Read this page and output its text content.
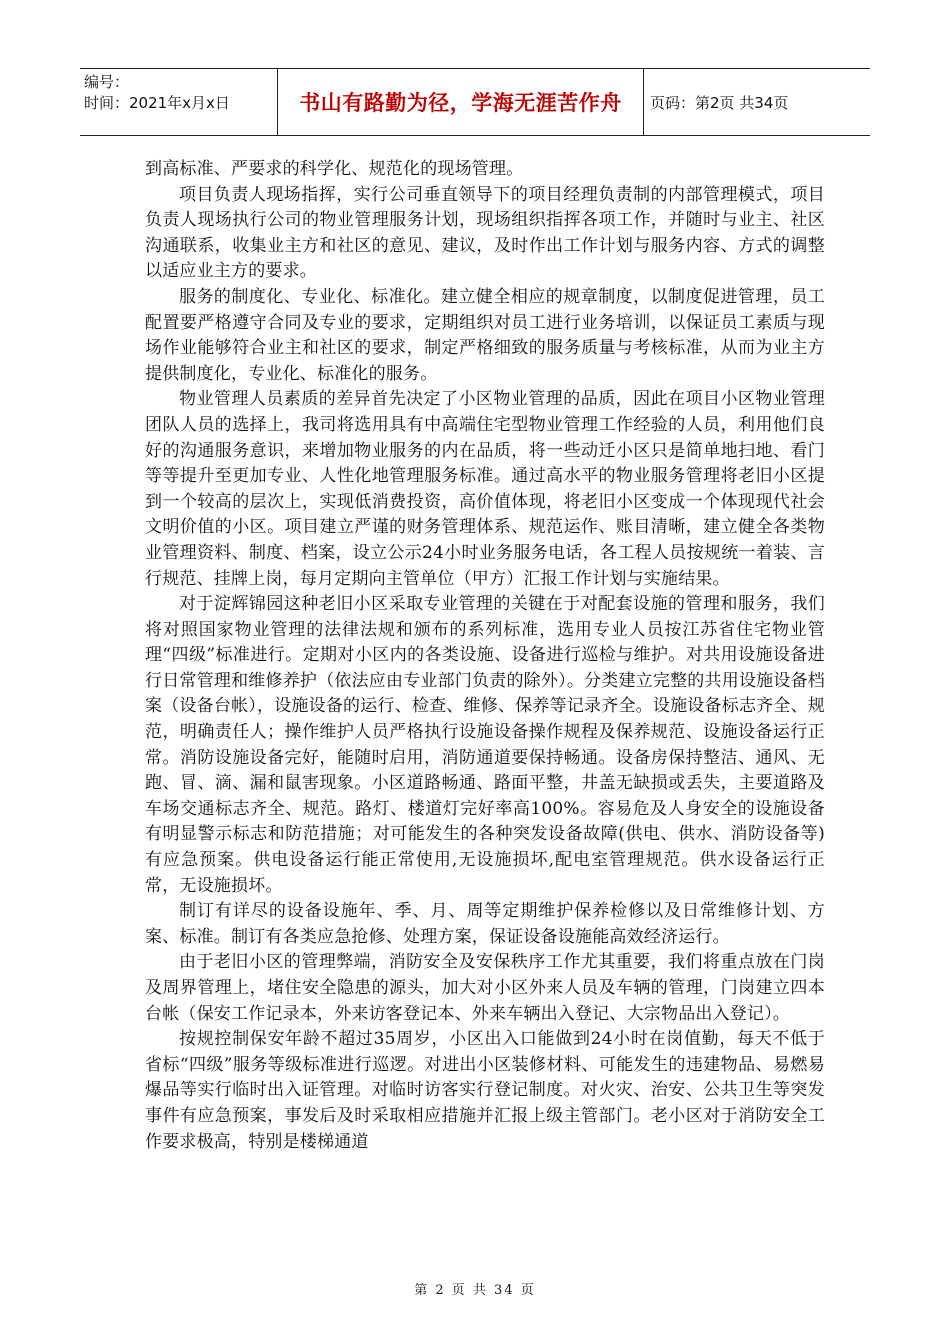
编号：
时间：2021年x月x日	书山有路勤为径，学海无涯苦作舟	页码：第2页 共34页

到高标准、严要求的科学化、规范化的现场管理。

项目负责人现场指挥，实行公司垂直领导下的项目经理负责制的内部管理模式，项目负责人现场执行公司的物业管理服务计划，现场组织指挥各项工作，并随时与业主、社区沟通联系，收集业主方和社区的意见、建议，及时作出工作计划与服务内容、方式的调整以适应业主方的要求。

服务的制度化、专业化、标准化。建立健全相应的规章制度，以制度促进管理，员工配置要严格遵守合同及专业的要求，定期组织对员工进行业务培训，以保证员工素质与现场作业能够符合业主和社区的要求，制定严格细致的服务质量与考核标准，从而为业主方提供制度化，专业化、标准化的服务。

物业管理人员素质的差异首先决定了小区物业管理的品质，因此在项目小区物业管理团队人员的选择上，我司将选用具有中高端住宅型物业管理工作经验的人员，利用他们良好的沟通服务意识，来增加物业服务的内在品质，将一些动迁小区只是简单地扫地、看门等等提升至更加专业、人性化地管理服务标准。通过高水平的物业服务管理将老旧小区提到一个较高的层次上，实现低消费投资，高价值体现，将老旧小区变成一个体现现代社会文明价值的小区。项目建立严谨的财务管理体系、规范运作、账目清晰，建立健全各类物业管理资料、制度、档案，设立公示24小时业务服务电话，各工程人员按规统一着装、言行规范、挂牌上岗，每月定期向主管单位（甲方）汇报工作计划与实施结果。

对于淀辉锦园这种老旧小区采取专业管理的关键在于对配套设施的管理和服务，我们将对照国家物业管理的法律法规和颁布的系列标准，选用专业人员按江苏省住宅物业管理“四级”标准进行。定期对小区内的各类设施、设备进行巡检与维护。对共用设施设备进行日常管理和维修养护（依法应由专业部门负责的除外）。分类建立完整的共用设施设备档案（设备台帐），设施设备的运行、检查、维修、保养等记录齐全。设施设备标志齐全、规范，明确责任人；操作维护人员严格执行设施设备操作规程及保养规范、设施设备运行正常。消防设施设备完好，能随时启用，消防通道要保持畅通。设备房保持整洁、通风、无跑、冒、滴、漏和鼠害现象。小区道路畅通、路面平整，井盖无缺损或丢失，主要道路及车场交通标志齐全、规范。路灯、楼道灯完好率高100%。容易危及人身安全的设施设备有明显警示标志和防范措施；对可能发生的各种突发设备故障(供电、供水、消防设备等)有应急预案。供电设备运行能正常使用,无设施损坏,配电室管理规范。供水设备运行正常，无设施损坏。

制订有详尽的设备设施年、季、月、周等定期维护保养检修以及日常维修计划、方案、标准。制订有各类应急抢修、处理方案，保证设备设施能高效经济运行。

由于老旧小区的管理弊端，消防安全及安保秩序工作尤其重要，我们将重点放在门岗及周界管理上，堵住安全隐患的源头，加大对小区外来人员及车辆的管理，门岗建立四本台帐（保安工作记录本，外来访客登记本、外来车辆出入登记、大宗物品出入登记）。

按规控制保安年龄不超过35周岁，小区出入口能做到24小时在岗值勤，每天不低于省标“四级”服务等级标准进行巡逻。对进出小区装修材料、可能发生的违建物品、易燃易爆品等实行临时出入证管理。对临时访客实行登记制度。对火灾、治安、公共卫生等突发事件有应急预案，事发后及时采取相应措施并汇报上级主管部门。老小区对于消防安全工作要求极高，特别是楼梯通道

第 2 页 共 34 页
